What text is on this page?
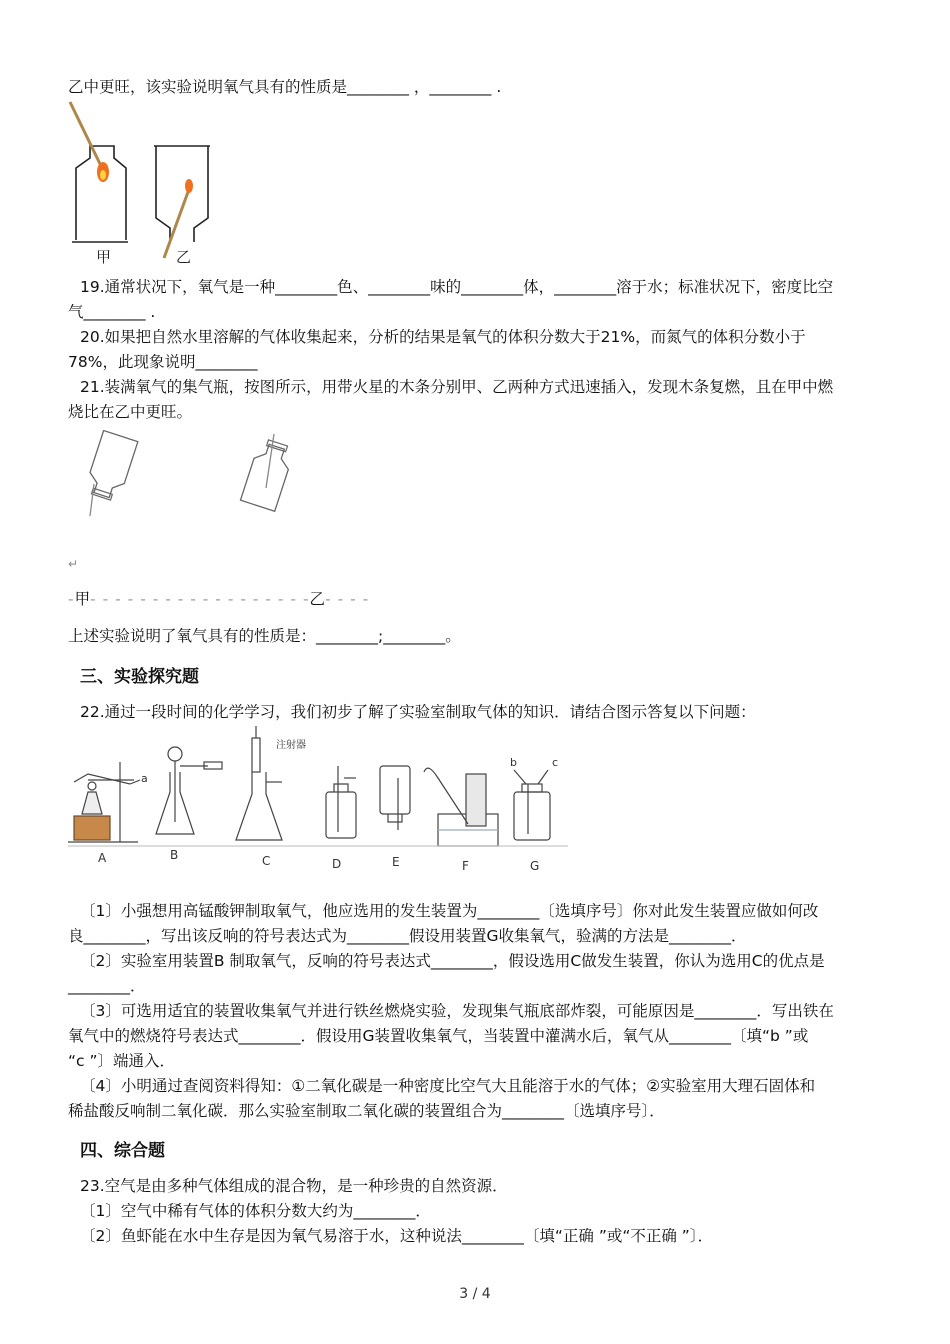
乙中更旺，该实验说明氧气具有的性质是________ ，________ .
甲	乙
19.通常状况下，氧气是一种________色、________味的________体，________溶于水；标准状况下，密度比空
气________ .
20.如果把自然水里溶解的气体收集起来，分析的结果是氧气的体积分数大于21%，而氮气的体积分数小于
78%，此现象说明________
21.装满氧气的集气瓶，按图所示，用带火星的木条分别甲、乙两种方式迅速插入，发现木条复燃，且在甲中燃
烧比在乙中更旺。
↵
-甲- - - - - - - - - - - - - - - - - -乙- - - -
上述实验说明了氧气具有的性质是：________;________。
三、实验探究题
22.通过一段时间的化学学习，我们初步了解了实验室制取气体的知识．请结合图示答复以下问题：
a
注射器
b	c
A	B	C	D	E	F	G
〔1〕小强想用高锰酸钾制取氧气，他应选用的发生装置为________〔选填序号〕你对此发生装置应做如何改
良________，写出该反响的符号表达式为________假设用装置G收集氧气，验满的方法是________．
〔2〕实验室用装置B 制取氧气，反响的符号表达式________，假设选用C做发生装置，你认为选用C的优点是
________．
〔3〕可选用适宜的装置收集氧气并进行铁丝燃烧实验，发现集气瓶底部炸裂，可能原因是________．写出铁在
氧气中的燃烧符号表达式________．假设用G装置收集氧气，当装置中灌满水后，氧气从________〔填“b ”或
“c ”〕端通入．
〔4〕小明通过查阅资料得知：①二氧化碳是一种密度比空气大且能溶于水的气体；②实验室用大理石固体和
稀盐酸反响制二氧化碳．那么实验室制取二氧化碳的装置组合为________〔选填序号〕．
四、综合题
23.空气是由多种气体组成的混合物，是一种珍贵的自然资源．
〔1〕空气中稀有气体的体积分数大约为________．
〔2〕鱼虾能在水中生存是因为氧气易溶于水，这种说法________〔填“正确 ”或“不正确 ”〕．
3 / 4
